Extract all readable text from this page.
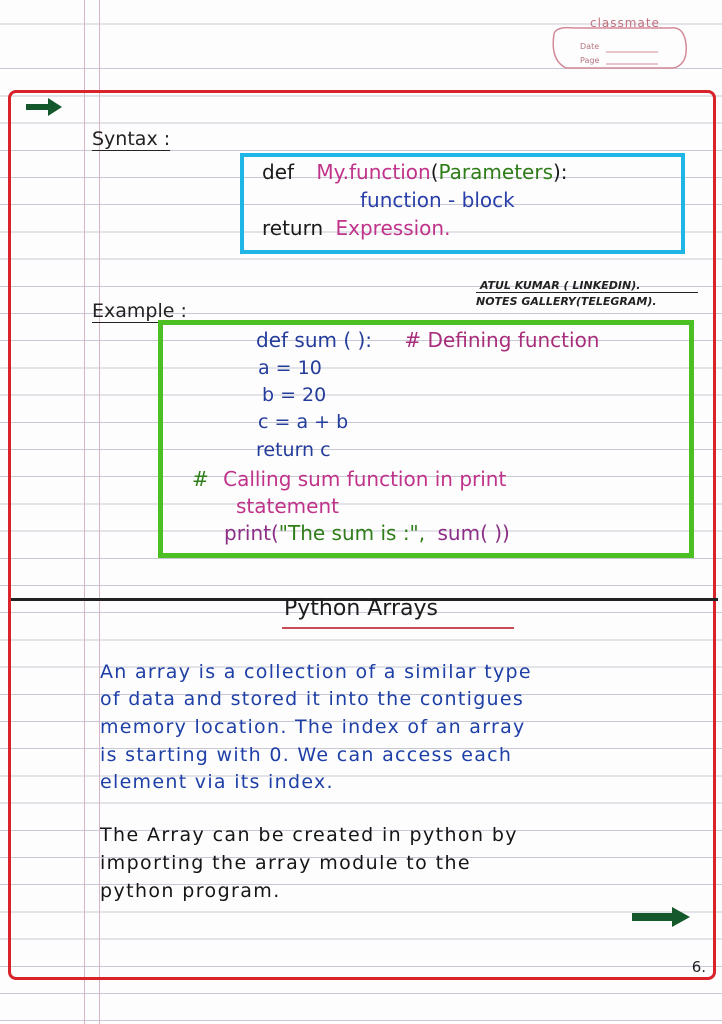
classmate
Date
Page
Syntax :
def My.function(Parameters):
function - block
return Expression.
ATUL KUMAR ( LINKEDIN).
NOTES GALLERY(TELEGRAM).
Example :
def sum ( ): # Defining function
a = 10
b = 20
c = a + b
return c
# Calling sum function in print
statement
print("The sum is :", sum( ))
Python Arrays
An array is a collection of a similar type
of data and stored it into the contigues
memory location. The index of an array
is starting with 0. We can access each
element via its index.
The Array can be created in python by
importing the array module to the
python program.
6.
